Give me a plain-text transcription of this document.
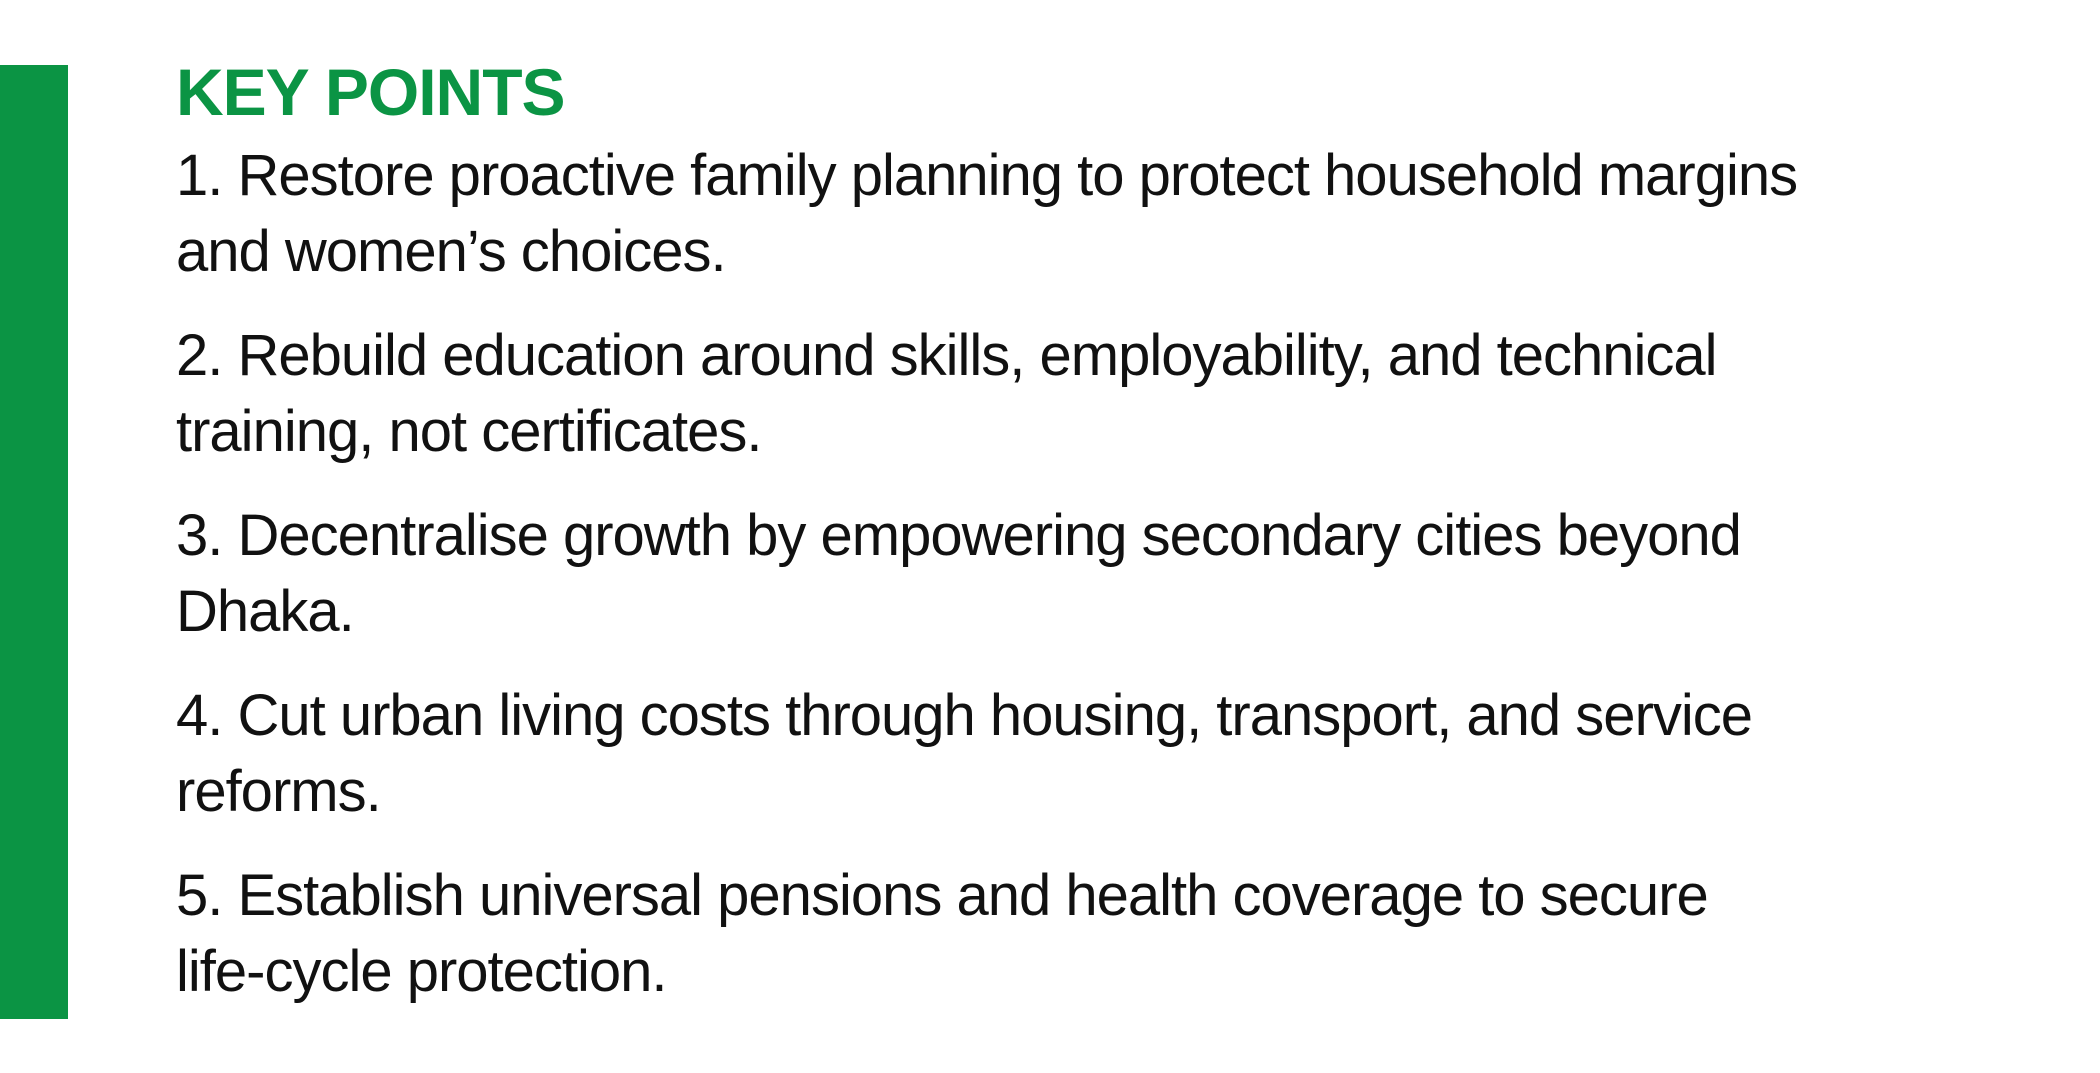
KEY POINTS
1. Restore proactive family planning to protect household margins
and women’s choices.
2. Rebuild education around skills, employability, and technical
training, not certificates.
3. Decentralise growth by empowering secondary cities beyond
Dhaka.
4. Cut urban living costs through housing, transport, and service
reforms.
5. Establish universal pensions and health coverage to secure
life-cycle protection.
